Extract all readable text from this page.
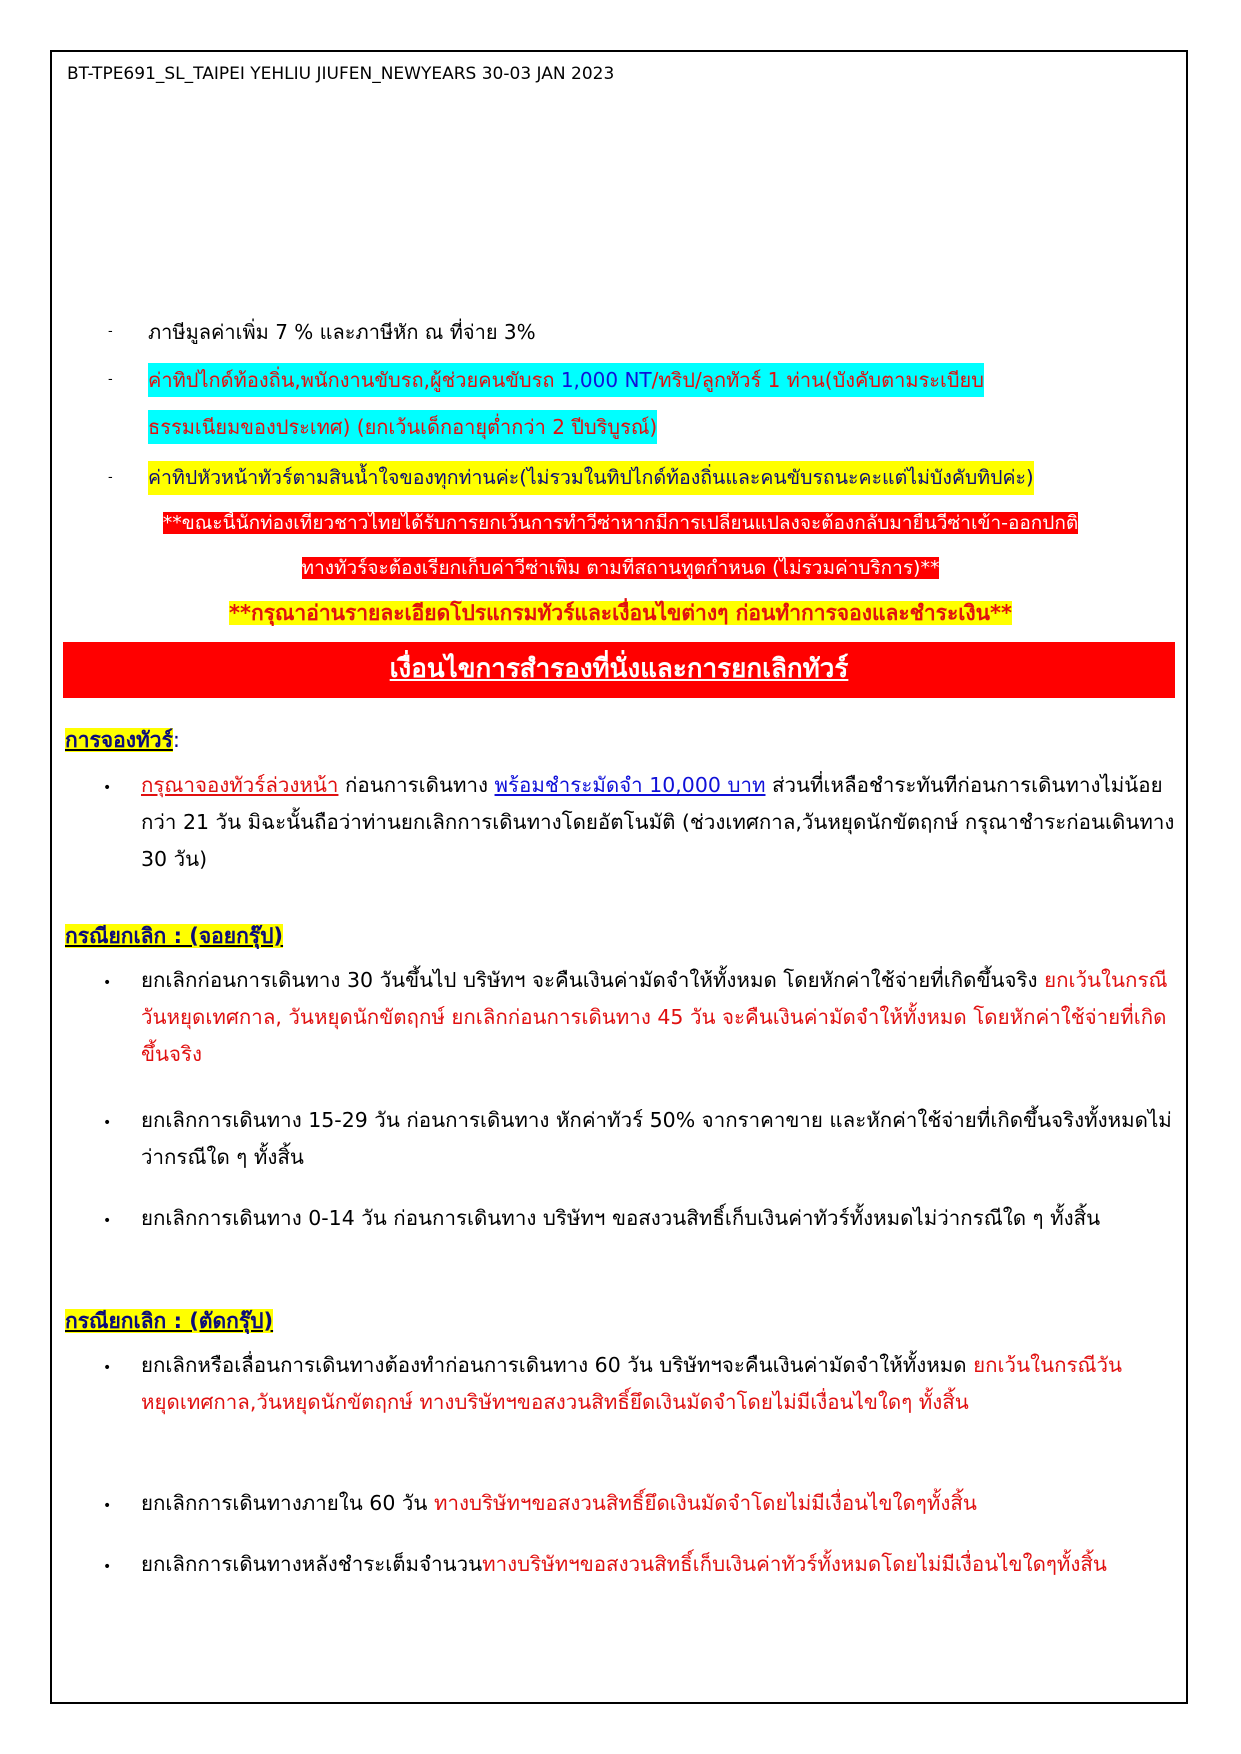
BT-TPE691_SL_TAIPEI YEHLIU JIUFEN_NEWYEARS 30-03 JAN 2023
- ภาษีมูลค่าเพิ่ม 7 % และภาษีหัก ณ ที่จ่าย 3%
- ค่าทิปไกด์ท้องถิ่น,พนักงานขับรถ,ผู้ช่วยคนขับรถ 1,000 NT/ทริป/ลูกทัวร์ 1 ท่าน(บังคับตามระเบียบ
ธรรมเนียมของประเทศ) (ยกเว้นเด็กอายุต่ำกว่า 2 ปีบริบูรณ์)
- ค่าทิปหัวหน้าทัวร์ตามสินน้ำใจของทุกท่านค่ะ(ไม่รวมในทิปไกด์ท้องถิ่นและคนขับรถนะคะแต่ไม่บังคับทิปค่ะ)
**ขณะนี้นักท่องเที่ยวชาวไทยได้รับการยกเว้นการทำวีซ่าหากมีการเปลี่ยนแปลงจะต้องกลับมายื่นวีซ่าเข้า-ออกปกติ
ทางทัวร์จะต้องเรียกเก็บค่าวีซ่าเพิ่ม ตามที่สถานทูตกำหนด (ไม่รวมค่าบริการ)**
**กรุณาอ่านรายละเอียดโปรแกรมทัวร์และเงื่อนไขต่างๆ ก่อนทำการจองและชำระเงิน**
เงื่อนไขการสำรองที่นั่งและการยกเลิกทัวร์
การจองทัวร์:
• กรุณาจองทัวร์ล่วงหน้า ก่อนการเดินทาง พร้อมชำระมัดจำ 10,000 บาท ส่วนที่เหลือชำระทันทีก่อนการเดินทางไม่น้อยกว่า 21 วัน มิฉะนั้นถือว่าท่านยกเลิกการเดินทางโดยอัตโนมัติ (ช่วงเทศกาล,วันหยุดนักขัตฤกษ์ กรุณาชำระก่อนเดินทาง 30 วัน)
กรณียกเลิก : (จอยกรุ๊ป)
• ยกเลิกก่อนการเดินทาง 30 วันขึ้นไป บริษัทฯ จะคืนเงินค่ามัดจำให้ทั้งหมด โดยหักค่าใช้จ่ายที่เกิดขึ้นจริง ยกเว้นในกรณีวันหยุดเทศกาล, วันหยุดนักขัตฤกษ์ ยกเลิกก่อนการเดินทาง 45 วัน จะคืนเงินค่ามัดจำให้ทั้งหมด โดยหักค่าใช้จ่ายที่เกิดขึ้นจริง
• ยกเลิกการเดินทาง 15-29 วัน ก่อนการเดินทาง หักค่าทัวร์ 50% จากราคาขาย และหักค่าใช้จ่ายที่เกิดขึ้นจริงทั้งหมดไม่ว่ากรณีใด ๆ ทั้งสิ้น
• ยกเลิกการเดินทาง 0-14 วัน ก่อนการเดินทาง บริษัทฯ ขอสงวนสิทธิ์เก็บเงินค่าทัวร์ทั้งหมดไม่ว่ากรณีใด ๆ ทั้งสิ้น
กรณียกเลิก : (ตัดกรุ๊ป)
• ยกเลิกหรือเลื่อนการเดินทางต้องทำก่อนการเดินทาง 60 วัน บริษัทฯจะคืนเงินค่ามัดจำให้ทั้งหมด ยกเว้นในกรณีวันหยุดเทศกาล,วันหยุดนักขัตฤกษ์ ทางบริษัทฯขอสงวนสิทธิ์ยึดเงินมัดจำโดยไม่มีเงื่อนไขใดๆ ทั้งสิ้น
• ยกเลิกการเดินทางภายใน 60 วัน ทางบริษัทฯขอสงวนสิทธิ์ยึดเงินมัดจำโดยไม่มีเงื่อนไขใดๆทั้งสิ้น
• ยกเลิกการเดินทางหลังชำระเต็มจำนวนทางบริษัทฯขอสงวนสิทธิ์เก็บเงินค่าทัวร์ทั้งหมดโดยไม่มีเงื่อนไขใดๆทั้งสิ้น
